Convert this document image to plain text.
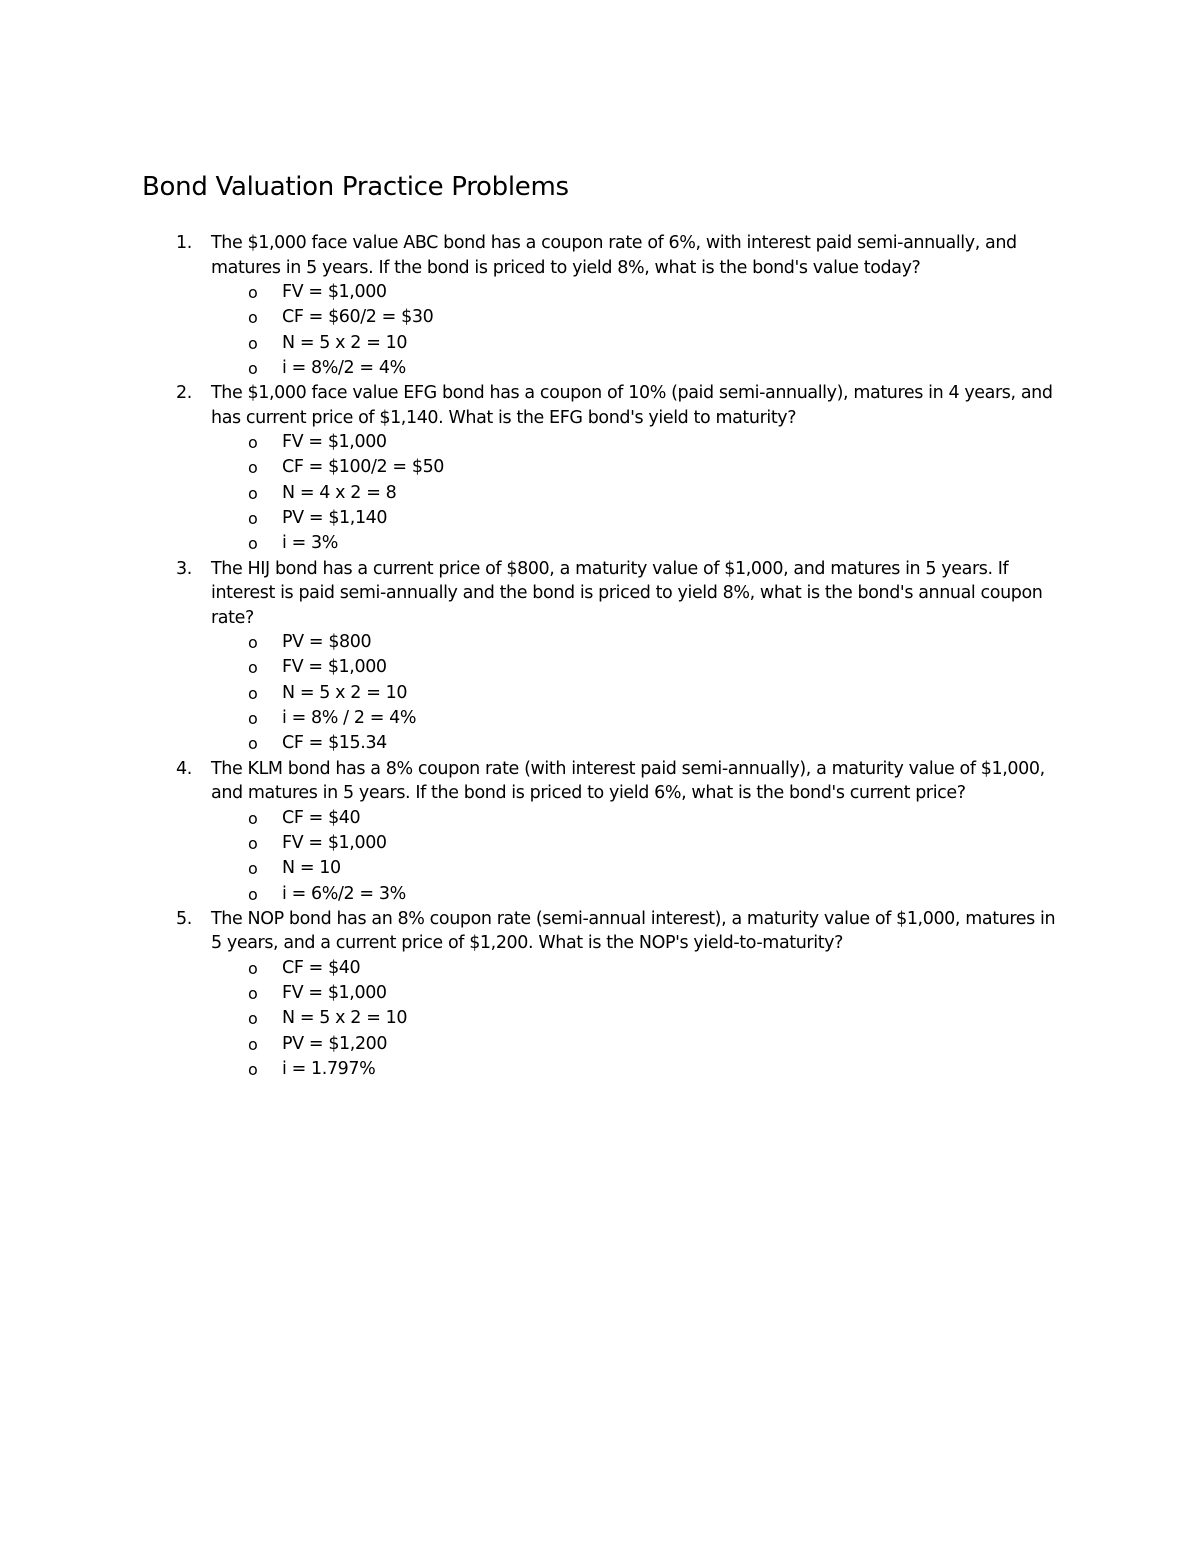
Bond Valuation Practice Problems
1. The $1,000 face value ABC bond has a coupon rate of 6%, with interest paid semi-annually, and matures in 5 years. If the bond is priced to yield 8%, what is the bond's value today?

o FV = $1,000
o CF = $60/2 = $30
o N = 5 x 2 = 10
o i = 8%/2 = 4%
2. The $1,000 face value EFG bond has a coupon of 10% (paid semi-annually), matures in 4 years, and has current price of $1,140. What is the EFG bond's yield to maturity?

o FV = $1,000
o CF = $100/2 = $50
o N = 4 x 2 = 8
o PV = $1,140
o i = 3%
3. The HIJ bond has a current price of $800, a maturity value of $1,000, and matures in 5 years. If interest is paid semi-annually and the bond is priced to yield 8%, what is the bond's annual coupon rate?

o PV = $800
o FV = $1,000
o N = 5 x 2 = 10
o i = 8% / 2 = 4%
o CF = $15.34
4. The KLM bond has a 8% coupon rate (with interest paid semi-annually), a maturity value of $1,000, and matures in 5 years. If the bond is priced to yield 6%, what is the bond's current price?

o CF = $40
o FV = $1,000
o N = 10
o i = 6%/2 = 3%
5. The NOP bond has an 8% coupon rate (semi-annual interest), a maturity value of $1,000, matures in 5 years, and a current price of $1,200. What is the NOP's yield-to-maturity?

o CF = $40
o FV = $1,000
o N = 5 x 2 = 10
o PV = $1,200
o i = 1.797%
